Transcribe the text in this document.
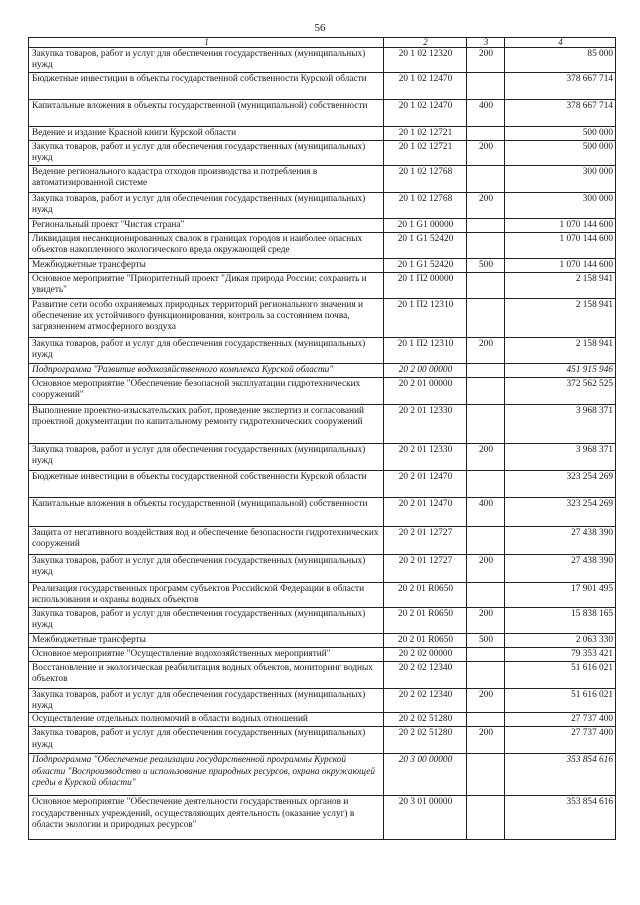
56
1	2	3	4
Закупка товаров, работ и услуг для обеспечения государственных (муниципальных) нужд	20 1 02 12320	200	85 000
Бюджетные инвестиции в объекты государственной собственности Курской области	20 1 02 12470		378 667 714
Капитальные вложения в объекты государственной (муниципальной) собственности	20 1 02 12470	400	378 667 714
Ведение и издание Красной книги Курской области	20 1 02 12721		500 000
Закупка товаров, работ и услуг для обеспечения государственных (муниципальных) нужд	20 1 02 12721	200	500 000
Ведение регионального кадастра отходов производства и потребления в автоматизированной системе	20 1 02 12768		300 000
Закупка товаров, работ и услуг для обеспечения государственных (муниципальных) нужд	20 1 02 12768	200	300 000
Региональный проект "Чистая страна"	20 1 G1 00000		1 070 144 600
Ликвидация несанкционированных свалок в границах городов и наиболее опасных объектов накопленного экологического вреда окружающей среде	20 1 G1 52420		1 070 144 600
Межбюджетные трансферты	20 1 G1 52420	500	1 070 144 600
Основное мероприятие "Приоритетный проект "Дикая природа России: сохранить и увидеть"	20 1 П2 00000		2 158 941
Развитие сети особо охраняемых природных территорий регионального значения и обеспечение их устойчивого функционирования, контроль за состоянием почва, загрязнением атмосферного воздуха	20 1 П2 12310		2 158 941
Закупка товаров, работ и услуг для обеспечения государственных (муниципальных) нужд	20 1 П2 12310	200	2 158 941
Подпрограмма "Развитие водохозяйственного комплекса Курской области"	20 2 00 00000		451 915 946
Основное мероприятие "Обеспечение безопасной эксплуатации гидротехнических сооружений"	20 2 01 00000		372 562 525
Выполнение проектно-изыскательских работ, проведение экспертиз и согласований проектной документации по капитальному ремонту гидротехнических сооружений	20 2 01 12330		3 968 371
Закупка товаров, работ и услуг для обеспечения государственных (муниципальных) нужд	20 2 01 12330	200	3 968 371
Бюджетные инвестиции в объекты государственной собственности Курской области	20 2 01 12470		323 254 269
Капитальные вложения в объекты государственной (муниципальной) собственности	20 2 01 12470	400	323 254 269
Защита от негативного воздействия вод и обеспечение безопасности гидротехнических сооружений	20 2 01 12727		27 438 390
Закупка товаров, работ и услуг для обеспечения государственных (муниципальных) нужд	20 2 01 12727	200	27 438 390
Реализация государственных программ субъектов Российской Федерации в области использования и охраны водных объектов	20 2 01 R0650		17 901 495
Закупка товаров, работ и услуг для обеспечения государственных (муниципальных) нужд	20 2 01 R0650	200	15 838 165
Межбюджетные трансферты	20 2 01 R0650	500	2 063 330
Основное мероприятие "Осуществление водохозяйственных мероприятий"	20 2 02 00000		79 353 421
Восстановление и экологическая реабилитация водных объектов, мониторинг водных объектов	20 2 02 12340		51 616 021
Закупка товаров, работ и услуг для обеспечения государственных (муниципальных) нужд	20 2 02 12340	200	51 616 021
Осуществление отдельных полномочий в области водных отношений	20 2 02 51280		27 737 400
Закупка товаров, работ и услуг для обеспечения государственных (муниципальных) нужд	20 2 02 51280	200	27 737 400
Подпрограмма "Обеспечение реализации государственной программы Курской области "Воспроизводство и использование природных ресурсов, охрана окружающей среды в Курской области"	20 3 00 00000		353 854 616
Основное мероприятие "Обеспечение деятельности государственных органов и государственных учреждений, осуществляющих деятельность (оказание услуг) в области экологии и природных ресурсов"	20 3 01 00000		353 854 616
